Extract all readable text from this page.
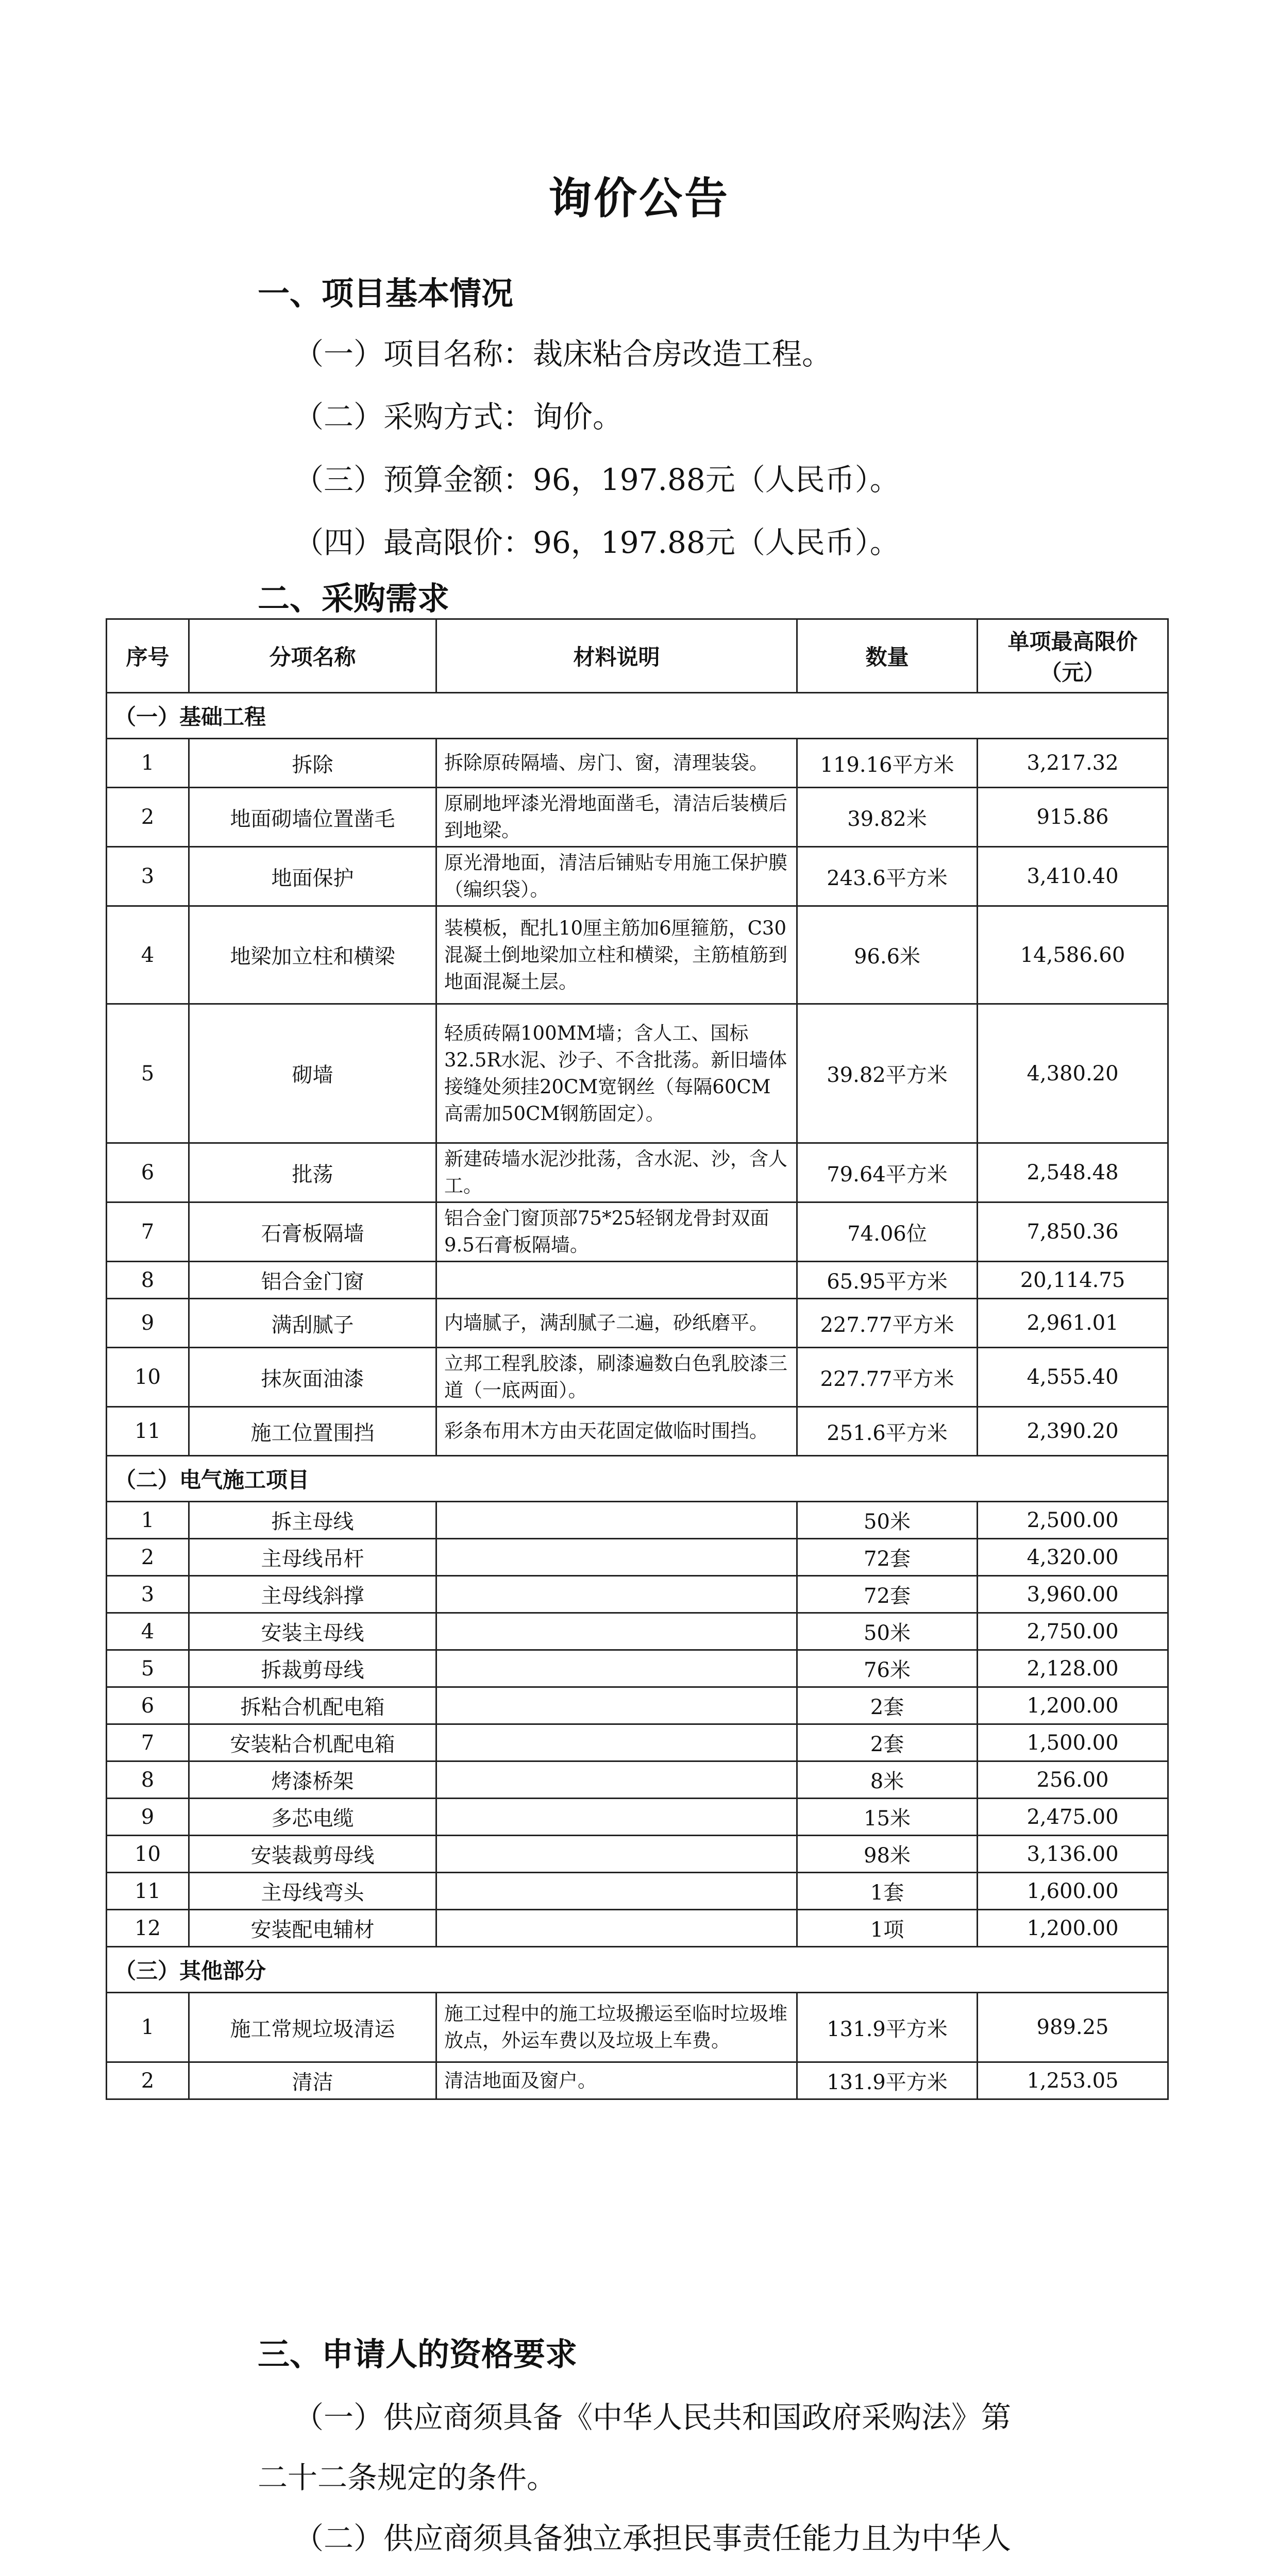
询价公告
一、项目基本情况
（一）项目名称：裁床粘合房改造工程。
（二）采购方式：询价。
（三）预算金额：96，197.88元（人民币）。
（四）最高限价：96，197.88元（人民币）。
二、采购需求
序号	分项名称	材料说明	数量	单项最高限价（元）
（一）基础工程				
1	拆除	拆除原砖隔墙、房门、窗，清理装袋。	119.16平方米	3,217.32
2	地面砌墙位置凿毛	原刷地坪漆光滑地面凿毛，清洁后装横后到地梁。	39.82米	915.86
3	地面保护	原光滑地面，清洁后铺贴专用施工保护膜（编织袋）。	243.6平方米	3,410.40
4	地梁加立柱和横梁	装模板，配扎10厘主筋加6厘箍筋，C30混凝土倒地梁加立柱和横梁，主筋植筋到地面混凝土层。	96.6米	14,586.60
5	砌墙	轻质砖隔100MM墙；含人工、国标32.5R水泥、沙子、不含批荡。新旧墙体接缝处须挂20CM宽钢丝（每隔60CM高需加50CM钢筋固定）。	39.82平方米	4,380.20
6	批荡	新建砖墙水泥沙批荡，含水泥、沙，含人工。	79.64平方米	2,548.48
7	石膏板隔墙	铝合金门窗顶部75*25轻钢龙骨封双面9.5石膏板隔墙。	74.06位	7,850.36
8	铝合金门窗		65.95平方米	20,114.75
9	满刮腻子	内墙腻子，满刮腻子二遍，砂纸磨平。	227.77平方米	2,961.01
10	抹灰面油漆	立邦工程乳胶漆，刷漆遍数白色乳胶漆三道（一底两面）。	227.77平方米	4,555.40
11	施工位置围挡	彩条布用木方由天花固定做临时围挡。	251.6平方米	2,390.20
（二）电气施工项目				
1	拆主母线		50米	2,500.00
2	主母线吊杆		72套	4,320.00
3	主母线斜撑		72套	3,960.00
4	安装主母线		50米	2,750.00
5	拆裁剪母线		76米	2,128.00
6	拆粘合机配电箱		2套	1,200.00
7	安装粘合机配电箱		2套	1,500.00
8	烤漆桥架		8米	256.00
9	多芯电缆		15米	2,475.00
10	安装裁剪母线		98米	3,136.00
11	主母线弯头		1套	1,600.00
12	安装配电辅材		1项	1,200.00
（三）其他部分				
1	施工常规垃圾清运	施工过程中的施工垃圾搬运至临时垃圾堆放点，外运车费以及垃圾上车费。	131.9平方米	989.25
2	清洁	清洁地面及窗户。	131.9平方米	1,253.05
三、申请人的资格要求
（一）供应商须具备《中华人民共和国政府采购法》第
二十二条规定的条件。
（二）供应商须具备独立承担民事责任能力且为中华人
